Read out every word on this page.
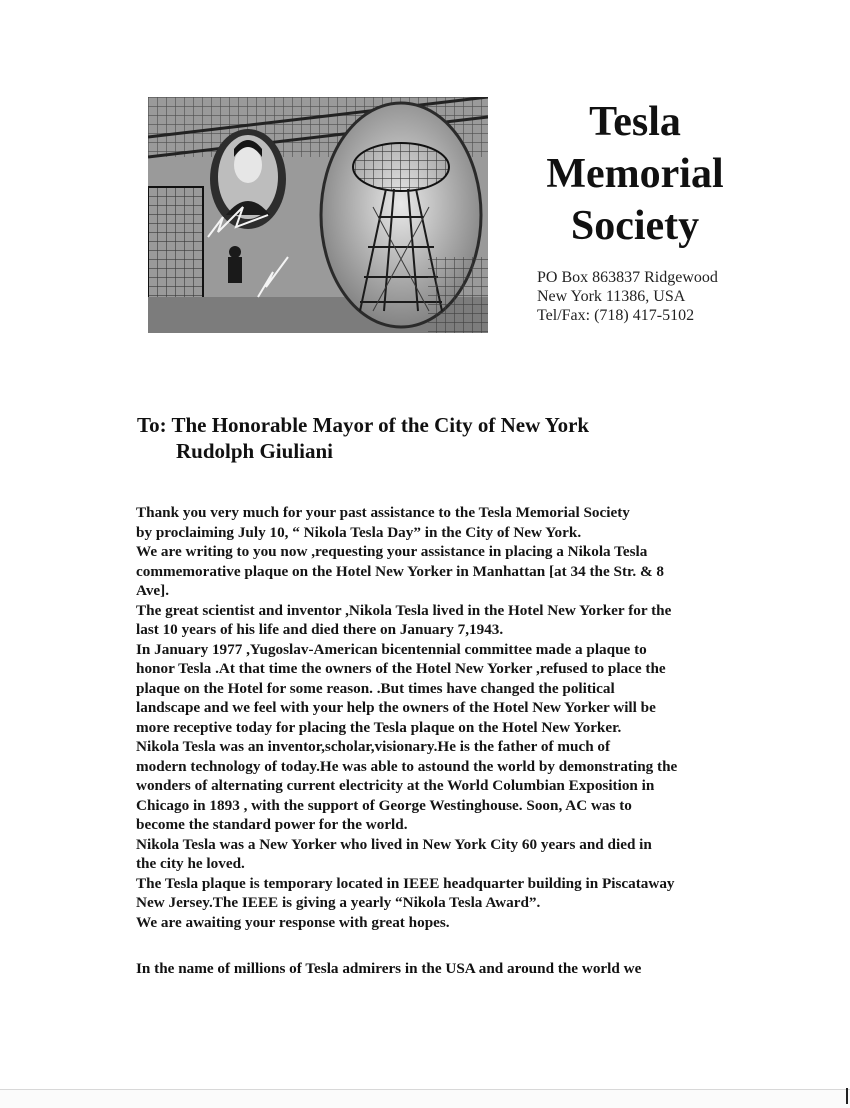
Tesla
Memorial
Society
PO Box 863837 Ridgewood
New York 11386, USA
Tel/Fax: (718) 417-5102
To: The Honorable Mayor of the City of New York
Rudolph Giuliani
Thank you very much for your past assistance to the Tesla Memorial Society
by proclaiming July 10, “ Nikola Tesla Day” in the City of New York.
We are writing to you now ,requesting your assistance in placing a Nikola Tesla
commemorative plaque on the Hotel New Yorker in Manhattan [at 34 the Str. & 8
Ave].
The great scientist and inventor ,Nikola Tesla lived in the Hotel New Yorker for the
last 10 years of his life and died there on January 7,1943.
In January 1977 ,Yugoslav-American bicentennial committee made a plaque to
honor Tesla .At that time the owners of the Hotel New Yorker ,refused to place the
plaque on the Hotel for some reason. .But times have changed the political
landscape and we feel with your help the owners of the Hotel New Yorker will be
more receptive today for placing the Tesla plaque on the Hotel New Yorker.
Nikola Tesla was an inventor,scholar,visionary.He is the father of much of
modern technology of today.He was able to astound the world by demonstrating the
wonders of alternating current electricity at the World Columbian Exposition in
Chicago in 1893 , with the support of George Westinghouse. Soon, AC was to
become the standard power for the world.
Nikola Tesla was a New Yorker who lived in New York City 60 years and died in
the city he loved.
The Tesla plaque is temporary located in IEEE headquarter building in Piscataway
New Jersey.The IEEE is giving a yearly “Nikola Tesla Award”.
We are awaiting your response with great hopes.
In the name of millions of Tesla admirers in the USA and around the world we
